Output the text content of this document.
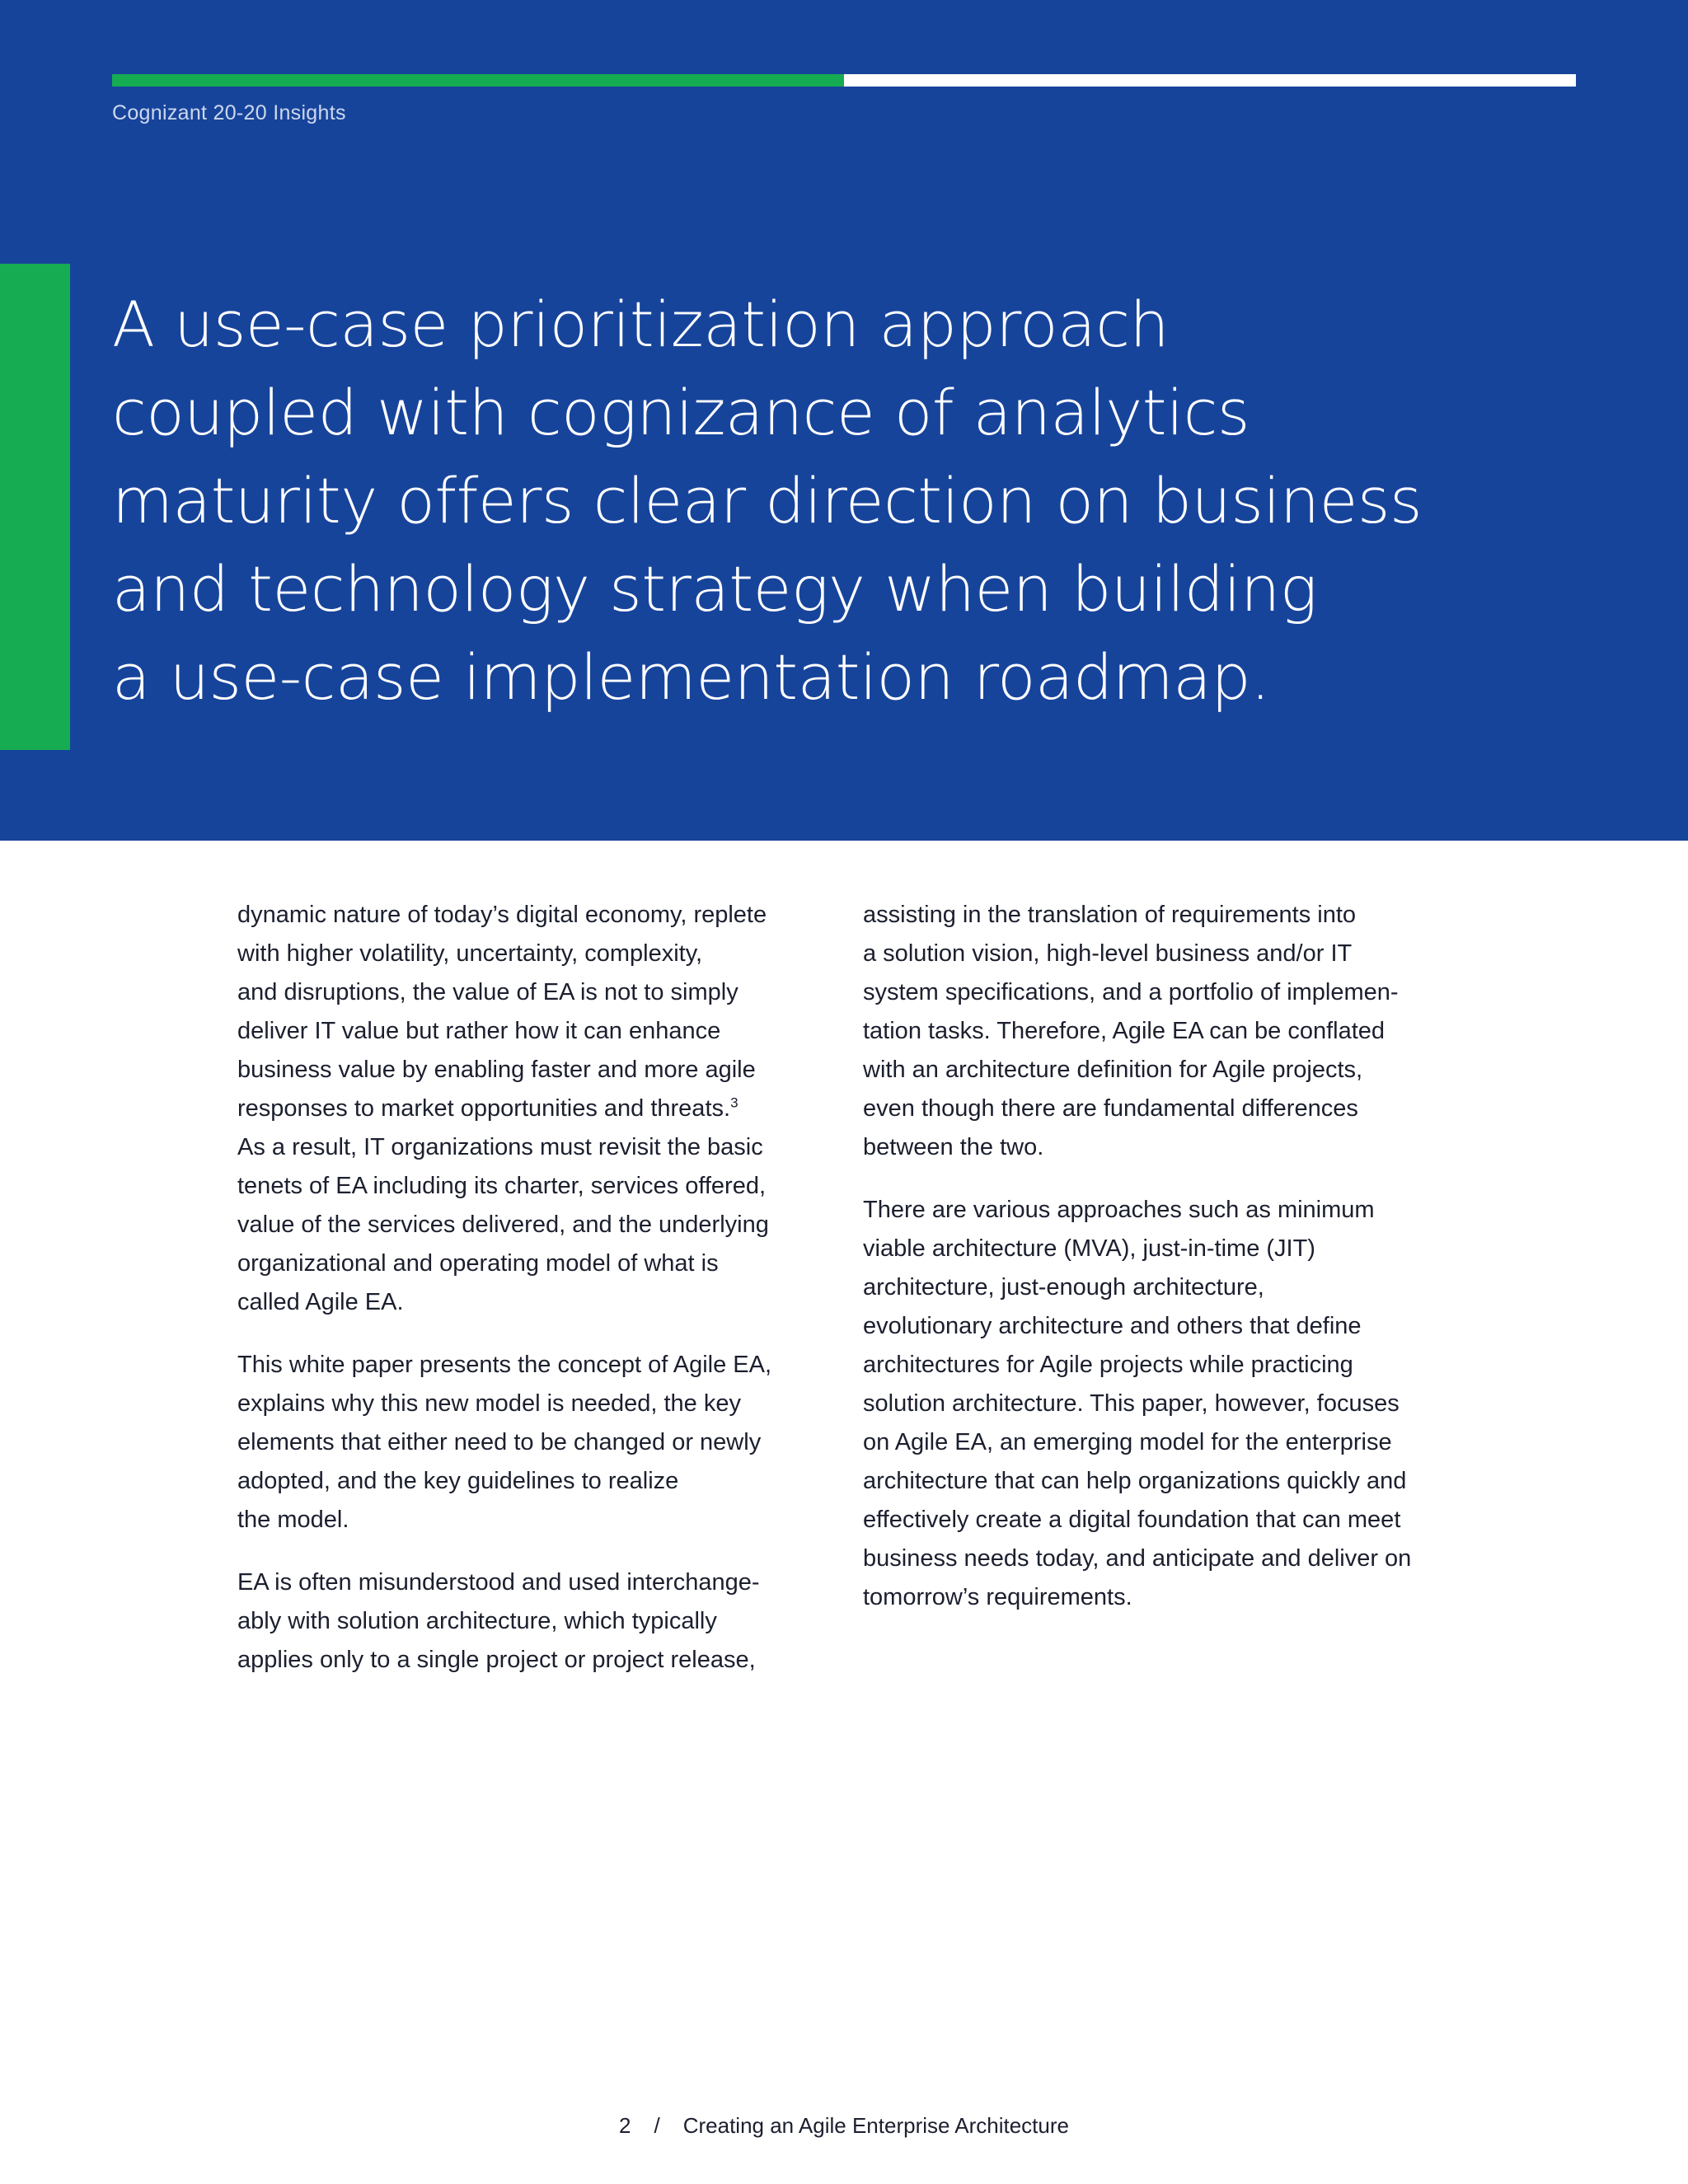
Cognizant 20-20 Insights
A use-case prioritization approach
coupled with cognizance of analytics
maturity offers clear direction on business
and technology strategy when building
a use-case implementation roadmap.

dynamic nature of today’s digital economy, replete
with higher volatility, uncertainty, complexity,
and disruptions, the value of EA is not to simply
deliver IT value but rather how it can enhance
business value by enabling faster and more agile
responses to market opportunities and threats.$^3$
As a result, IT organizations must revisit the basic
tenets of EA including its charter, services offered,
value of the services delivered, and the underlying
organizational and operating model of what is
called Agile EA.

This white paper presents the concept of Agile EA,
explains why this new model is needed, the key
elements that either need to be changed or newly
adopted, and the key guidelines to realize
the model.

EA is often misunderstood and used interchange-
ably with solution architecture, which typically
applies only to a single project or project release,

assisting in the translation of requirements into
a solution vision, high-level business and/or IT
system specifications, and a portfolio of implemen-
tation tasks. Therefore, Agile EA can be conflated
with an architecture definition for Agile projects,
even though there are fundamental differences
between the two.

There are various approaches such as minimum
viable architecture (MVA), just-in-time (JIT)
architecture, just-enough architecture,
evolutionary architecture and others that define
architectures for Agile projects while practicing
solution architecture. This paper, however, focuses
on Agile EA, an emerging model for the enterprise
architecture that can help organizations quickly and
effectively create a digital foundation that can meet
business needs today, and anticipate and deliver on
tomorrow’s requirements.

2 / Creating an Agile Enterprise Architecture
